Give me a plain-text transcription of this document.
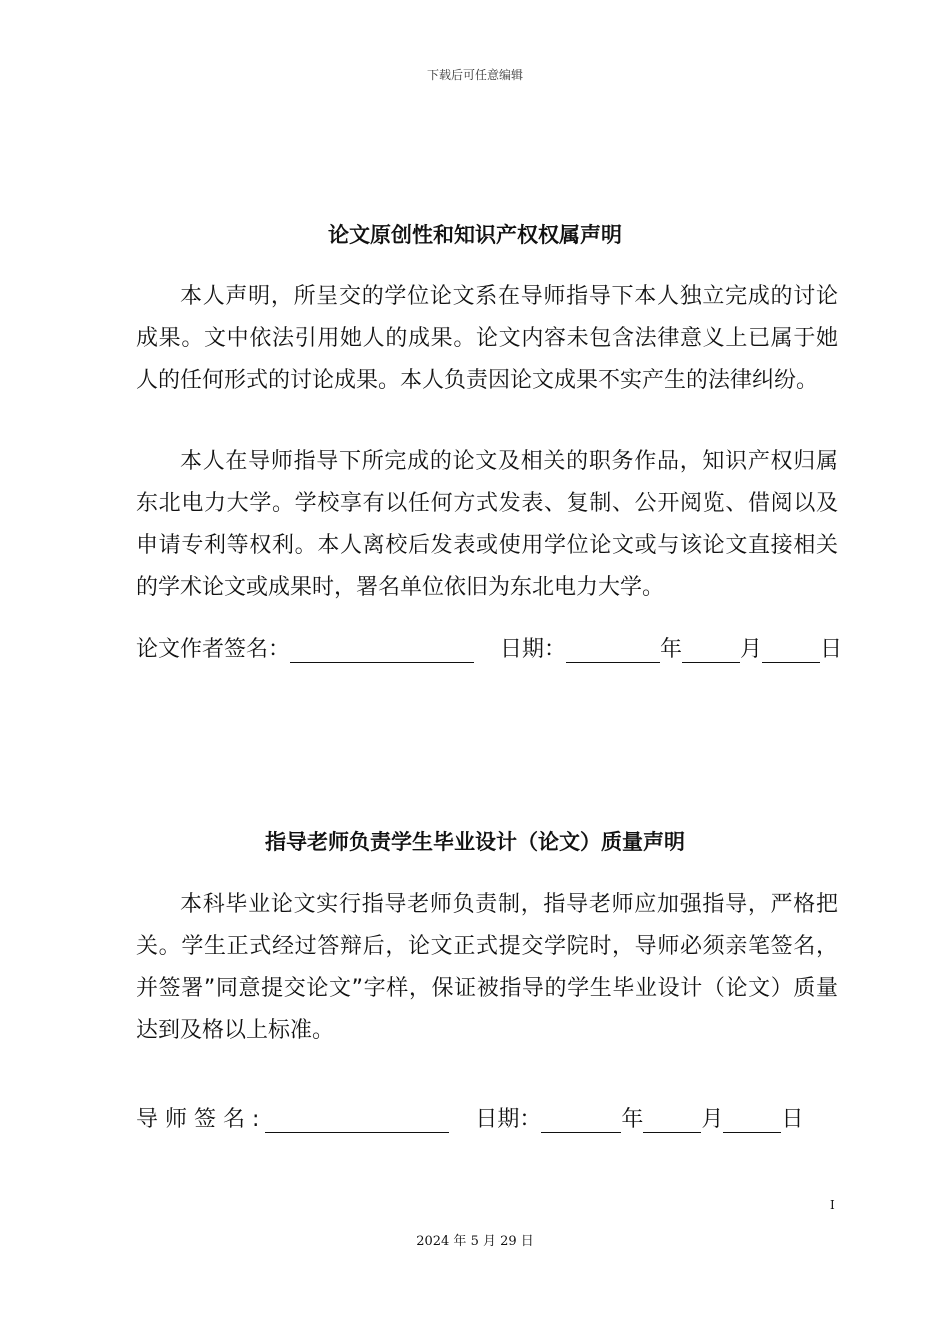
下载后可任意编辑
论文原创性和知识产权权属声明

本人声明，所呈交的学位论文系在导师指导下本人独立完成的讨论成果。文中依法引用她人的成果。论文内容未包含法律意义上已属于她人的任何形式的讨论成果。本人负责因论文成果不实产生的法律纠纷。

本人在导师指导下所完成的论文及相关的职务作品，知识产权归属东北电力大学。学校享有以任何方式发表、复制、公开阅览、借阅以及申请专利等权利。本人离校后发表或使用学位论文或与该论文直接相关的学术论文或成果时，署名单位依旧为东北电力大学。

论文作者签名：	日期：	年	月	日
指导老师负责学生毕业设计（论文）质量声明

本科毕业论文实行指导老师负责制，指导老师应加强指导，严格把关。学生正式经过答辩后，论文正式提交学院时，导师必须亲笔签名，并签署”同意提交论文”字样，保证被指导的学生毕业设计（论文）质量达到及格以上标准。

导 师 签 名 :	日期：	年	月	日
I
2024 年 5 月 29 日
